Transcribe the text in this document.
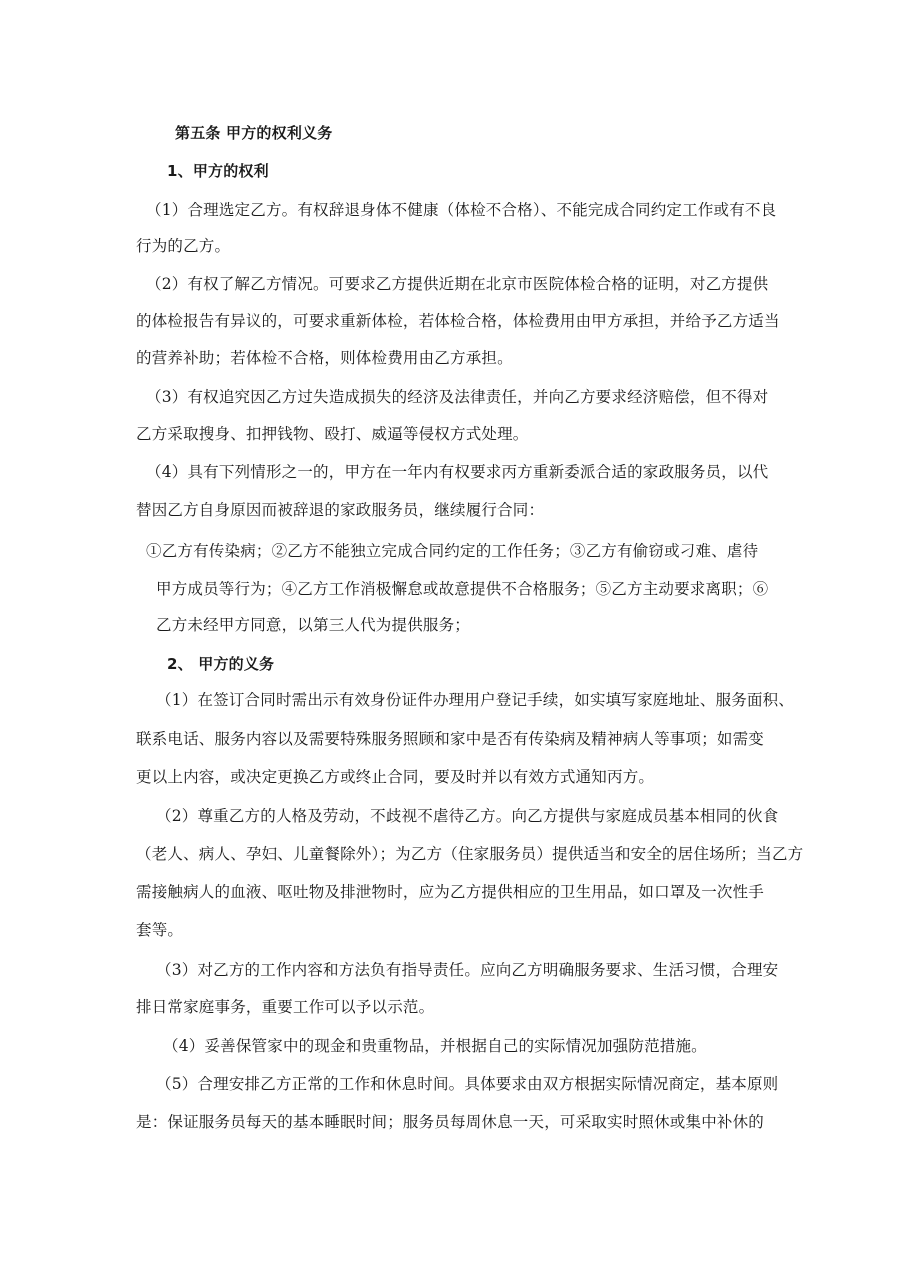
第五条 甲方的权利义务
1、甲方的权利
（1）合理选定乙方。有权辞退身体不健康（体检不合格）、不能完成合同约定工作或有不良
行为的乙方。
（2）有权了解乙方情况。可要求乙方提供近期在北京市医院体检合格的证明，对乙方提供
的体检报告有异议的，可要求重新体检，若体检合格，体检费用由甲方承担，并给予乙方适当
的营养补助；若体检不合格，则体检费用由乙方承担。
（3）有权追究因乙方过失造成损失的经济及法律责任，并向乙方要求经济赔偿，但不得对
乙方采取搜身、扣押钱物、殴打、威逼等侵权方式处理。
（4）具有下列情形之一的，甲方在一年内有权要求丙方重新委派合适的家政服务员，以代
替因乙方自身原因而被辞退的家政服务员，继续履行合同：
①乙方有传染病；②乙方不能独立完成合同约定的工作任务；③乙方有偷窃或刁难、虐待
甲方成员等行为；④乙方工作消极懈怠或故意提供不合格服务；⑤乙方主动要求离职；⑥
乙方未经甲方同意，以第三人代为提供服务；
2、 甲方的义务
（1）在签订合同时需出示有效身份证件办理用户登记手续，如实填写家庭地址、服务面积、
联系电话、服务内容以及需要特殊服务照顾和家中是否有传染病及精神病人等事项；如需变
更以上内容，或决定更换乙方或终止合同，要及时并以有效方式通知丙方。
（2）尊重乙方的人格及劳动，不歧视不虐待乙方。向乙方提供与家庭成员基本相同的伙食
（老人、病人、孕妇、儿童餐除外）；为乙方（住家服务员）提供适当和安全的居住场所；当乙方
需接触病人的血液、呕吐物及排泄物时，应为乙方提供相应的卫生用品，如口罩及一次性手
套等。
（3）对乙方的工作内容和方法负有指导责任。应向乙方明确服务要求、生活习惯，合理安
排日常家庭事务，重要工作可以予以示范。
（4）妥善保管家中的现金和贵重物品，并根据自己的实际情况加强防范措施。
（5）合理安排乙方正常的工作和休息时间。具体要求由双方根据实际情况商定，基本原则
是：保证服务员每天的基本睡眠时间；服务员每周休息一天，可采取实时照休或集中补休的
